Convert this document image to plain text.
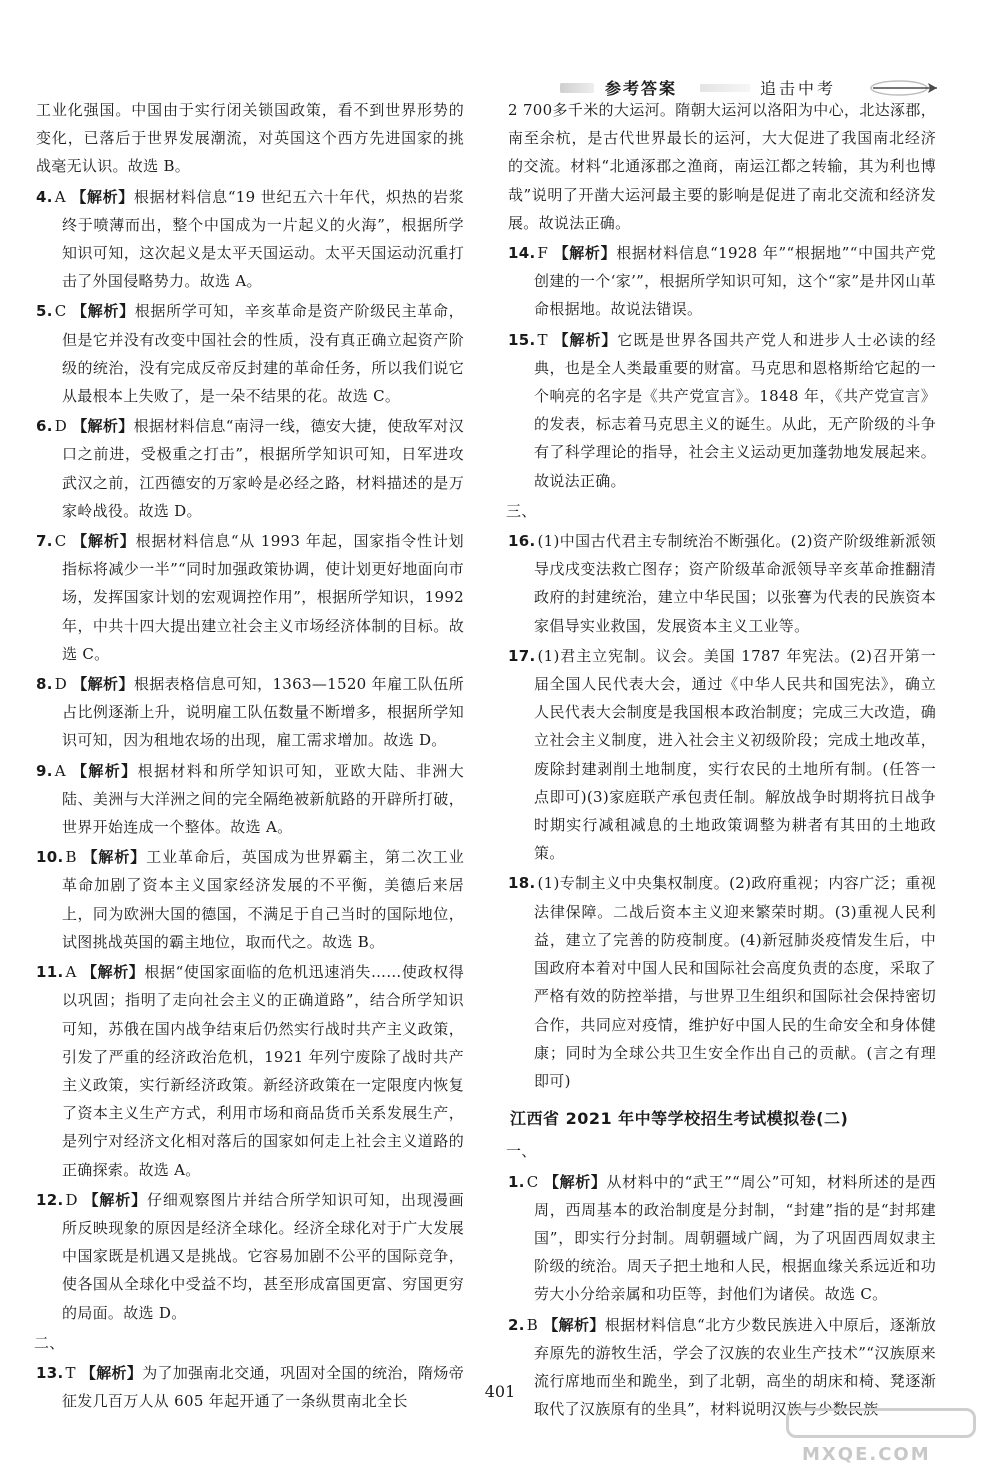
参考答案	追击中考
工业化强国。中国由于实行闭关锁国政策，看不到世界形势的变化，已落后于世界发展潮流，对英国这个西方先进国家的挑战毫无认识。故选 B。
4. A 【解析】根据材料信息“19 世纪五六十年代，炽热的岩浆终于喷薄而出，整个中国成为一片起义的火海”，根据所学知识可知，这次起义是太平天国运动。太平天国运动沉重打击了外国侵略势力。故选 A。
5. C 【解析】根据所学可知，辛亥革命是资产阶级民主革命，但是它并没有改变中国社会的性质，没有真正确立起资产阶级的统治，没有完成反帝反封建的革命任务，所以我们说它从最根本上失败了，是一朵不结果的花。故选 C。
6. D 【解析】根据材料信息“南浔一线，德安大捷，使敌军对汉口之前进，受极重之打击”，根据所学知识可知，日军进攻武汉之前，江西德安的万家岭是必经之路，材料描述的是万家岭战役。故选 D。
7. C 【解析】根据材料信息“从 1993 年起，国家指令性计划指标将减少一半”“同时加强政策协调，使计划更好地面向市场，发挥国家计划的宏观调控作用”，根据所学知识，1992 年，中共十四大提出建立社会主义市场经济体制的目标。故选 C。
8. D 【解析】根据表格信息可知，1363—1520 年雇工队伍所占比例逐渐上升，说明雇工队伍数量不断增多，根据所学知识可知，因为租地农场的出现，雇工需求增加。故选 D。
9. A 【解析】根据材料和所学知识可知，亚欧大陆、非洲大陆、美洲与大洋洲之间的完全隔绝被新航路的开辟所打破，世界开始连成一个整体。故选 A。
10. B 【解析】工业革命后，英国成为世界霸主，第二次工业革命加剧了资本主义国家经济发展的不平衡，美德后来居上，同为欧洲大国的德国，不满足于自己当时的国际地位，试图挑战英国的霸主地位，取而代之。故选 B。
11. A 【解析】根据“使国家面临的危机迅速消失……使政权得以巩固；指明了走向社会主义的正确道路”，结合所学知识可知，苏俄在国内战争结束后仍然实行战时共产主义政策，引发了严重的经济政治危机，1921 年列宁废除了战时共产主义政策，实行新经济政策。新经济政策在一定限度内恢复了资本主义生产方式，利用市场和商品货币关系发展生产，是列宁对经济文化相对落后的国家如何走上社会主义道路的正确探索。故选 A。
12. D 【解析】仔细观察图片并结合所学知识可知，出现漫画所反映现象的原因是经济全球化。经济全球化对于广大发展中国家既是机遇又是挑战。它容易加剧不公平的国际竞争，使各国从全球化中受益不均，甚至形成富国更富、穷国更穷的局面。故选 D。
二、
13. T 【解析】为了加强南北交通，巩固对全国的统治，隋炀帝征发几百万人从 605 年起开通了一条纵贯南北全长
2 700多千米的大运河。隋朝大运河以洛阳为中心，北达涿郡，南至余杭，是古代世界最长的运河，大大促进了我国南北经济的交流。材料“北通涿郡之渔商，南运江都之转输，其为利也博哉”说明了开凿大运河最主要的影响是促进了南北交流和经济发展。故说法正确。
14. F 【解析】根据材料信息“1928 年”“根据地”“中国共产党创建的一个‘家’”，根据所学知识可知，这个“家”是井冈山革命根据地。故说法错误。
15. T 【解析】它既是世界各国共产党人和进步人士必读的经典，也是全人类最重要的财富。马克思和恩格斯给它起的一个响亮的名字是《共产党宣言》。1848 年，《共产党宣言》的发表，标志着马克思主义的诞生。从此，无产阶级的斗争有了科学理论的指导，社会主义运动更加蓬勃地发展起来。故说法正确。
三、
16. (1)中国古代君主专制统治不断强化。(2)资产阶级维新派领导戊戌变法救亡图存；资产阶级革命派领导辛亥革命推翻清政府的封建统治，建立中华民国；以张謇为代表的民族资本家倡导实业救国，发展资本主义工业等。
17. (1)君主立宪制。议会。美国 1787 年宪法。(2)召开第一届全国人民代表大会，通过《中华人民共和国宪法》，确立人民代表大会制度是我国根本政治制度；完成三大改造，确立社会主义制度，进入社会主义初级阶段；完成土地改革，废除封建剥削土地制度，实行农民的土地所有制。(任答一点即可)(3)家庭联产承包责任制。解放战争时期将抗日战争时期实行减租减息的土地政策调整为耕者有其田的土地政策。
18. (1)专制主义中央集权制度。(2)政府重视；内容广泛；重视法律保障。二战后资本主义迎来繁荣时期。(3)重视人民利益，建立了完善的防疫制度。(4)新冠肺炎疫情发生后，中国政府本着对中国人民和国际社会高度负责的态度，采取了严格有效的防控举措，与世界卫生组织和国际社会保持密切合作，共同应对疫情，维护好中国人民的生命安全和身体健康；同时为全球公共卫生安全作出自己的贡献。(言之有理即可)
江西省 2021 年中等学校招生考试模拟卷(二)
一、
1. C 【解析】从材料中的“武王”“周公”可知，材料所述的是西周，西周基本的政治制度是分封制，“封建”指的是“封邦建国”，即实行分封制。周朝疆域广阔，为了巩固西周奴隶主阶级的统治。周天子把土地和人民，根据血缘关系远近和功劳大小分给亲属和功臣等，封他们为诸侯。故选 C。
2. B 【解析】根据材料信息“北方少数民族进入中原后，逐渐放弃原先的游牧生活，学会了汉族的农业生产技术”“汉族原来流行席地而坐和跪坐，到了北朝，高坐的胡床和椅、凳逐渐取代了汉族原有的坐具”，材料说明汉族与少数民族
401
MXQE.COM
